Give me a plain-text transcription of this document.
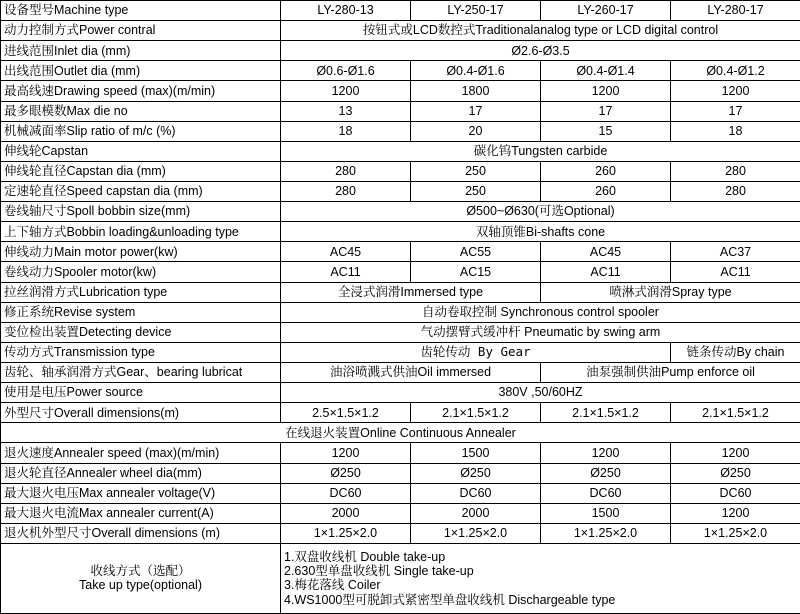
设备型号Machine type	LY-280-13	LY-250-17	LY-260-17	LY-280-17
动力控制方式Power contral	按钮式或LCD数控式Traditionalanalog type or LCD digital control			
进线范围Inlet dia (mm)	Ø2.6-Ø3.5			
出线范围Outlet dia (mm)	Ø0.6-Ø1.6	Ø0.4-Ø1.6	Ø0.4-Ø1.4	Ø0.4-Ø1.2
最高线速Drawing speed (max)(m/min)	1200	1800	1200	1200
最多眼模数Max die no	13	17	17	17
机械减面率Slip ratio of m/c (%)	18	20	15	18
伸线轮Capstan	碳化钨Tungsten carbide			
伸线轮直径Capstan dia (mm)	280	250	260	280
定速轮直径Speed capstan dia (mm)	280	250	260	280
卷线轴尺寸Spoll bobbin size(mm)	Ø500~Ø630(可选Optional)			
上下轴方式Bobbin loading&unloading type	双轴顶锥Bi-shafts cone			
伸线动力Main motor power(kw)	AC45	AC55	AC45	AC37
卷线动力Spooler motor(kw)	AC11	AC15	AC11	AC11
拉丝润滑方式Lubrication type	全浸式润滑Immersed type		喷淋式润滑Spray type	
修正系统Revise system	自动卷取控制 Synchronous control spooler			
变位检出装置Detecting device	气动摆臂式缓冲杆 Pneumatic by swing arm			
传动方式Transmission type	齿轮传动 By Gear			链条传动By chain
齿轮、轴承润滑方式Gear、bearing lubricat	油浴喷溅式供油Oil immersed		油泵强制供油Pump enforce oil	
使用是电压Power source	380V ,50/60HZ			
外型尺寸Overall dimensions(m)	2.5×1.5×1.2	2.1×1.5×1.2	2.1×1.5×1.2	2.1×1.5×1.2
在线退火装置Online Continuous Annealer				
退火速度Annealer speed (max)(m/min)	1200	1500	1200	1200
退火轮直径Annealer wheel dia(mm)	Ø250	Ø250	Ø250	Ø250
最大退火电压Max annealer voltage(V)	DC60	DC60	DC60	DC60
最大退火电流Max annealer current(A)	2000	2000	1500	1200
退火机外型尺寸Overall dimensions (m)	1×1.25×2.0	1×1.25×2.0	1×1.25×2.0	1×1.25×2.0

收线方式（选配）
Take up type(optional)

1.双盘收线机 Double take-up
2.630型单盘收线机 Single take-up
3.梅花落线 Coiler
4.WS1000型可脱卸式紧密型单盘收线机 Dischargeable type
